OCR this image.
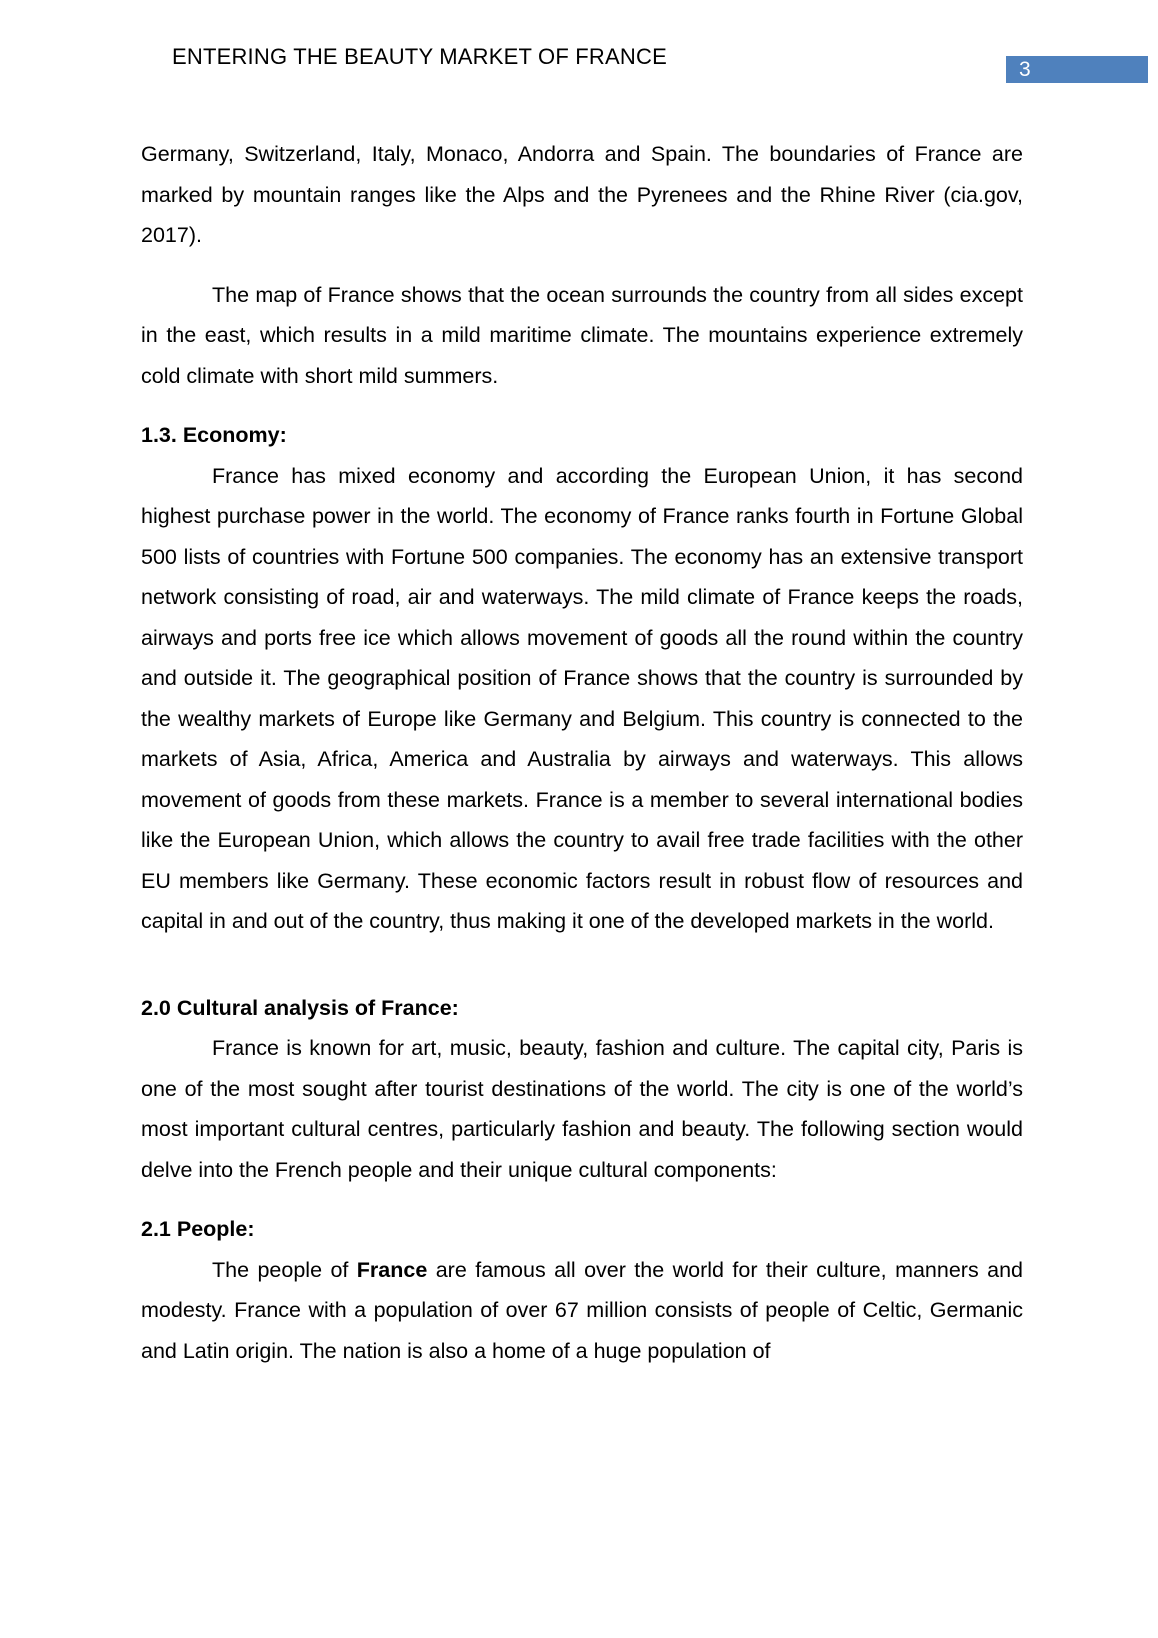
ENTERING THE BEAUTY MARKET OF FRANCE
3

Germany, Switzerland, Italy, Monaco, Andorra and Spain. The boundaries of France are marked by mountain ranges like the Alps and the Pyrenees and the Rhine River (cia.gov, 2017).

The map of France shows that the ocean surrounds the country from all sides except in the east, which results in a mild maritime climate. The mountains experience extremely cold climate with short mild summers.

1.3. Economy:

France has mixed economy and according the European Union, it has second highest purchase power in the world. The economy of France ranks fourth in Fortune Global 500 lists of countries with Fortune 500 companies. The economy has an extensive transport network consisting of road, air and waterways. The mild climate of France keeps the roads, airways and ports free ice which allows movement of goods all the round within the country and outside it. The geographical position of France shows that the country is surrounded by the wealthy markets of Europe like Germany and Belgium. This country is connected to the markets of Asia, Africa, America and Australia by airways and waterways. This allows movement of goods from these markets. France is a member to several international bodies like the European Union, which allows the country to avail free trade facilities with the other EU members like Germany. These economic factors result in robust flow of resources and capital in and out of the country, thus making it one of the developed markets in the world.

2.0 Cultural analysis of France:

France is known for art, music, beauty, fashion and culture. The capital city, Paris is one of the most sought after tourist destinations of the world. The city is one of the world’s most important cultural centres, particularly fashion and beauty. The following section would delve into the French people and their unique cultural components:

2.1 People:

The people of France are famous all over the world for their culture, manners and modesty. France with a population of over 67 million consists of people of Celtic, Germanic and Latin origin. The nation is also a home of a huge population of
